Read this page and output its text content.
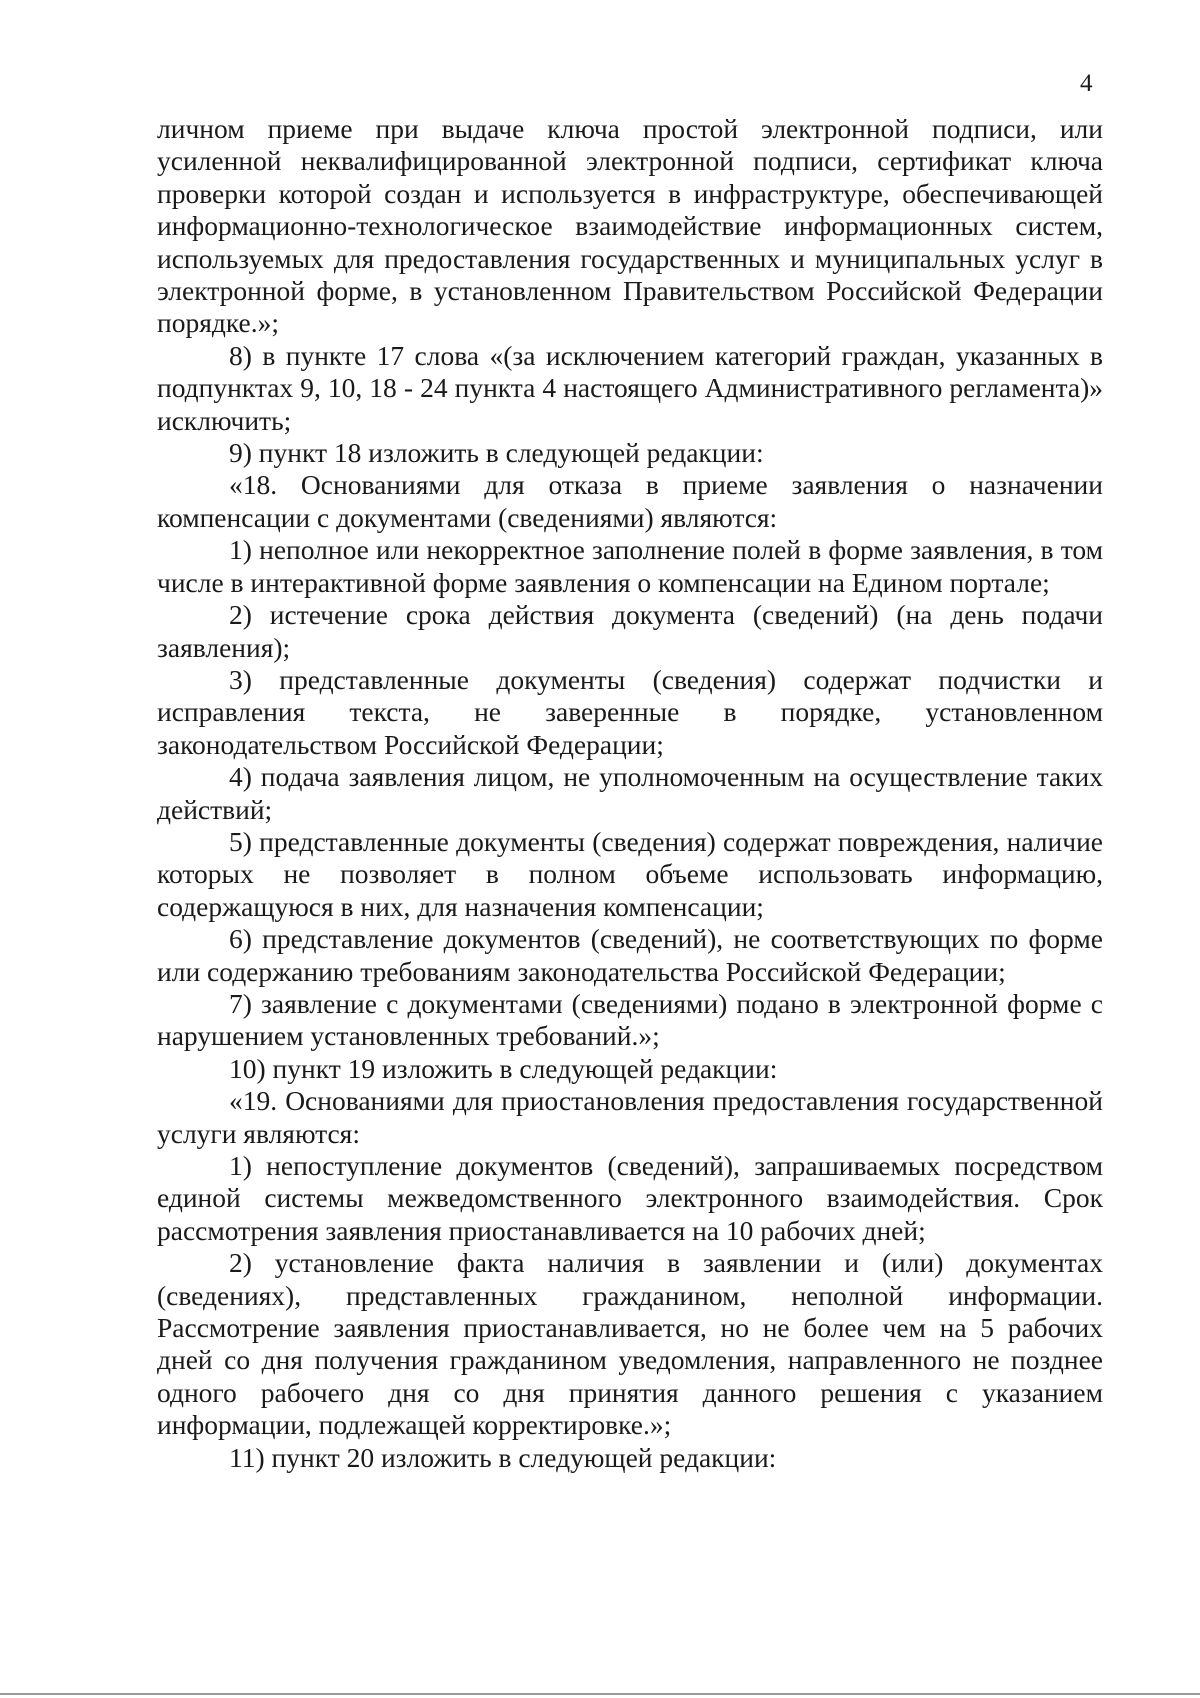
4

личном приеме при выдаче ключа простой электронной подписи, или усиленной неквалифицированной электронной подписи, сертификат ключа проверки которой создан и используется в инфраструктуре, обеспечивающей информационно-технологическое взаимодействие информационных систем, используемых для предоставления государственных и муниципальных услуг в электронной форме, в установленном Правительством Российской Федерации порядке.»;

8) в пункте 17 слова «(за исключением категорий граждан, указанных в подпунктах 9, 10, 18 - 24 пункта 4 настоящего Административного регламента)» исключить;

9) пункт 18 изложить в следующей редакции:

«18. Основаниями для отказа в приеме заявления о назначении компенсации с документами (сведениями) являются:

1) неполное или некорректное заполнение полей в форме заявления, в том числе в интерактивной форме заявления о компенсации на Едином портале;

2) истечение срока действия документа (сведений) (на день подачи заявления);

3) представленные документы (сведения) содержат подчистки и исправления текста, не заверенные в порядке, установленном законодательством Российской Федерации;

4) подача заявления лицом, не уполномоченным на осуществление таких действий;

5) представленные документы (сведения) содержат повреждения, наличие которых не позволяет в полном объеме использовать информацию, содержащуюся в них, для назначения компенсации;

6) представление документов (сведений), не соответствующих по форме или содержанию требованиям законодательства Российской Федерации;

7) заявление с документами (сведениями) подано в электронной форме с нарушением установленных требований.»;

10) пункт 19 изложить в следующей редакции:

«19. Основаниями для приостановления предоставления государственной услуги являются:

1) непоступление документов (сведений), запрашиваемых посредством единой системы межведомственного электронного взаимодействия. Срок рассмотрения заявления приостанавливается на 10 рабочих дней;

2) установление факта наличия в заявлении и (или) документах (сведениях), представленных гражданином, неполной информации. Рассмотрение заявления приостанавливается, но не более чем на 5 рабочих дней со дня получения гражданином уведомления, направленного не позднее одного рабочего дня со дня принятия данного решения с указанием информации, подлежащей корректировке.»;

11) пункт 20 изложить в следующей редакции:
